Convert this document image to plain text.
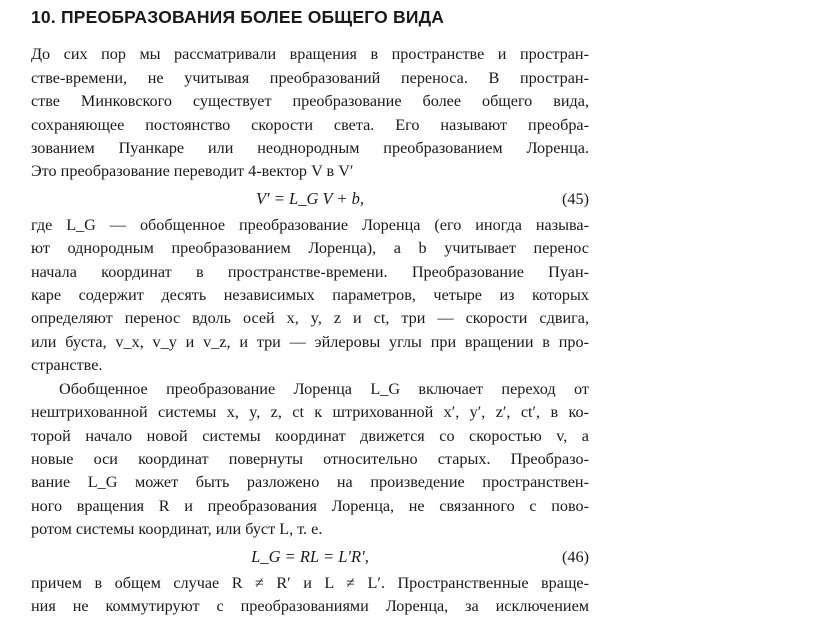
10. ПРЕОБРАЗОВАНИЯ БОЛЕЕ ОБЩЕГО ВИДА
До сих пор мы рассматривали вращения в пространстве и простран-
стве-времени, не учитывая преобразований переноса. В простран-
стве Минковского существует преобразование более общего вида,
сохраняющее постоянство скорости света. Его называют преобра-
зованием Пуанкаре или неоднородным преобразованием Лоренца.
Это преобразование переводит 4-вектор V в V′
V′ = L_G V + b,	(45)
где L_G — обобщенное преобразование Лоренца (его иногда называ-
ют однородным преобразованием Лоренца), а b учитывает перенос
начала координат в пространстве-времени. Преобразование Пуан-
каре содержит десять независимых параметров, четыре из которых
определяют перенос вдоль осей x, y, z и ct, три — скорости сдвига,
или буста, v_x, v_y и v_z, и три — эйлеровы углы при вращении в про-
странстве.
Обобщенное преобразование Лоренца L_G включает переход от
нештрихованной системы x, y, z, ct к штрихованной x′, y′, z′, ct′, в ко-
торой начало новой системы координат движется со скоростью v, а
новые оси координат повернуты относительно старых. Преобразо-
вание L_G может быть разложено на произведение пространствен-
ного вращения R и преобразования Лоренца, не связанного с пово-
ротом системы координат, или буст L, т. е.
L_G = RL = L′R′,	(46)
причем в общем случае R ≠ R′ и L ≠ L′. Пространственные враще-
ния не коммутируют с преобразованиями Лоренца, за исключением
